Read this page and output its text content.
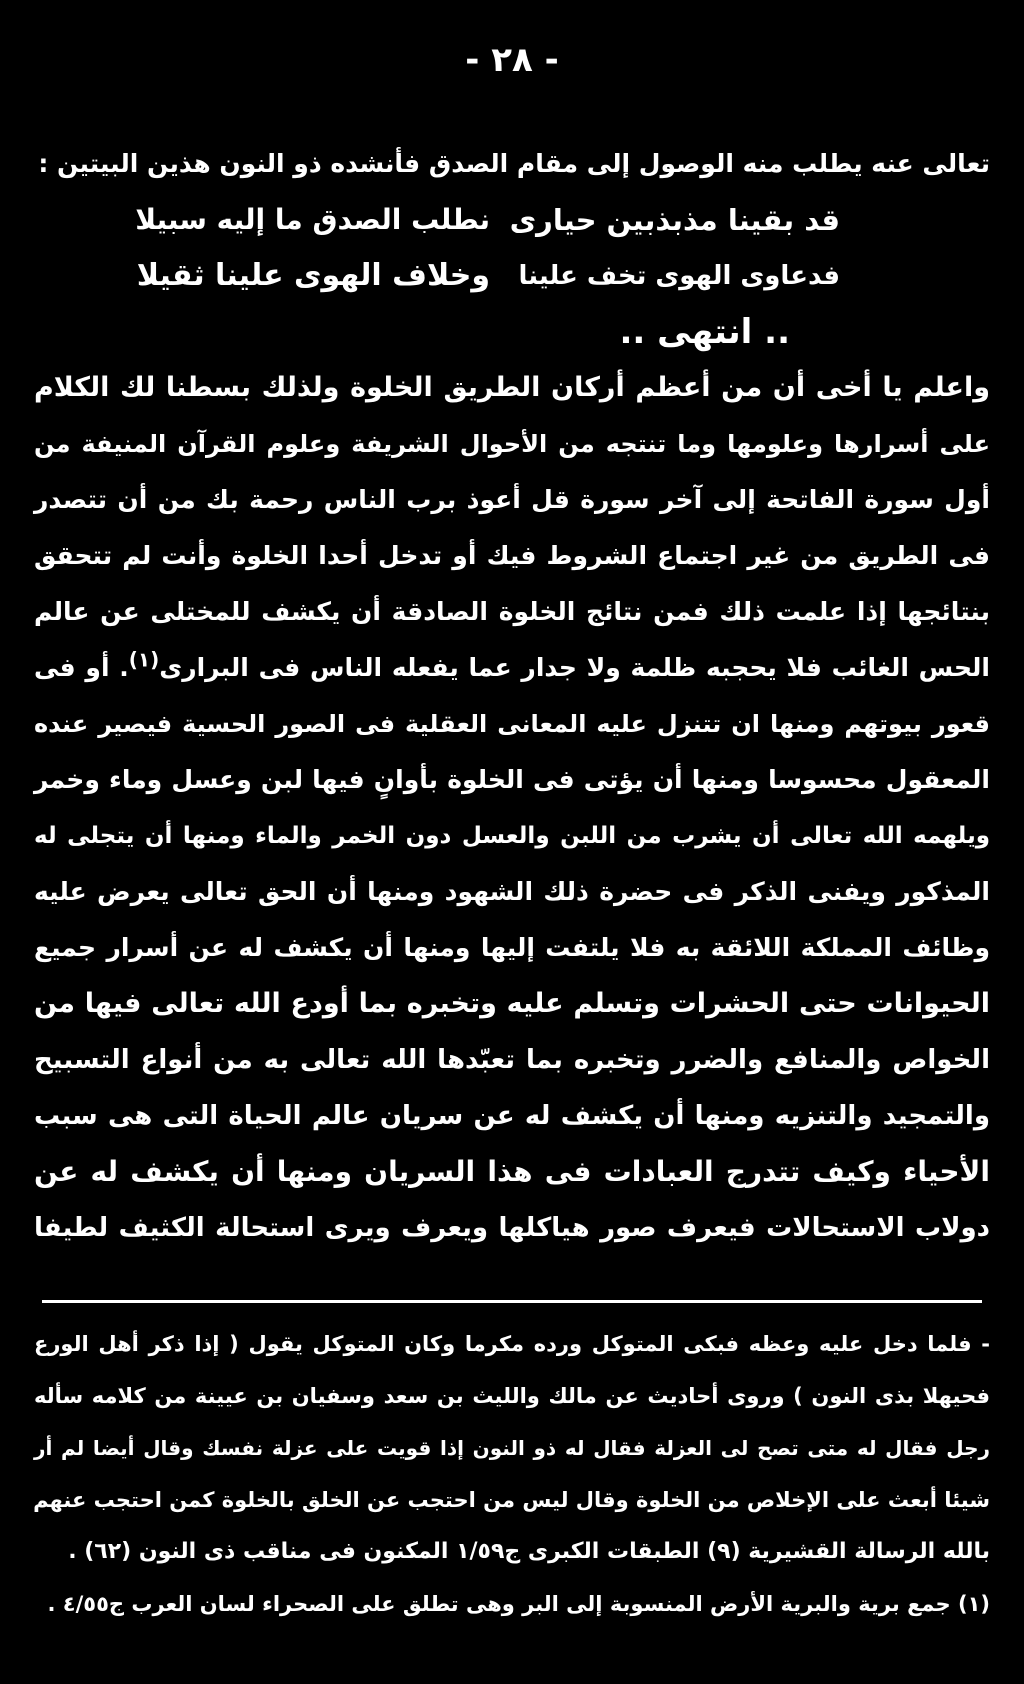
- ٢٨ -
تعالى عنه يطلب منه الوصول إلى مقام الصدق فأنشده ذو النون هذين البيتين :
قد بقينا مذبذبين حيارى
نطلب الصدق ما إليه سبيلا
فدعاوى الهوى تخف علينا
وخلاف الهوى علينا ثقيلا
.. انتهى ..
واعلم يا أخى أن من أعظم أركان الطريق الخلوة ولذلك بسطنا لك الكلام
على أسرارها وعلومها وما تنتجه من الأحوال الشريفة وعلوم القرآن المنيفة من
أول سورة الفاتحة إلى آخر سورة قل أعوذ برب الناس رحمة بك من أن تتصدر
فى الطريق من غير اجتماع الشروط فيك أو تدخل أحدا الخلوة وأنت لم تتحقق
بنتائجها إذا علمت ذلك فمن نتائج الخلوة الصادقة أن يكشف للمختلى عن عالم
الحس الغائب فلا يحجبه ظلمة ولا جدار عما يفعله الناس فى البرارى$^{(١)}$. أو فى
قعور بيوتهم ومنها ان تتنزل عليه المعانى العقلية فى الصور الحسية فيصير عنده
المعقول محسوسا ومنها أن يؤتى فى الخلوة بأوانٍ فيها لبن وعسل وماء وخمر
ويلهمه الله تعالى أن يشرب من اللبن والعسل دون الخمر والماء ومنها أن يتجلى له
المذكور ويفنى الذكر فى حضرة ذلك الشهود ومنها أن الحق تعالى يعرض عليه
وظائف المملكة اللائقة به فلا يلتفت إليها ومنها أن يكشف له عن أسرار جميع
الحيوانات حتى الحشرات وتسلم عليه وتخبره بما أودع الله تعالى فيها من
الخواص والمنافع والضرر وتخبره بما تعبّدها الله تعالى به من أنواع التسبيح
والتمجيد والتنزيه ومنها أن يكشف له عن سريان عالم الحياة التى هى سبب
الأحياء وكيف تتدرج العبادات فى هذا السريان ومنها أن يكشف له عن
دولاب الاستحالات فيعرف صور هياكلها ويعرف ويرى استحالة الكثيف لطيفا
- فلما دخل عليه وعظه فبكى المتوكل ورده مكرما وكان المتوكل يقول ( إذا ذكر أهل الورع
فحيهلا بذى النون ) وروى أحاديث عن مالك والليث بن سعد وسفيان بن عيينة من كلامه سأله
رجل فقال له متى تصح لى العزلة فقال له ذو النون إذا قويت على عزلة نفسك وقال أيضا لم أر
شيئا أبعث على الإخلاص من الخلوة وقال ليس من احتجب عن الخلق بالخلوة كمن احتجب عنهم
بالله الرسالة القشيرية (٩) الطبقات الكبرى ج١/٥٩ المكنون فى مناقب ذى النون (٦٢) .
(١) جمع برية والبرية الأرض المنسوبة إلى البر وهى تطلق على الصحراء لسان العرب ج٤/٥٥ .
